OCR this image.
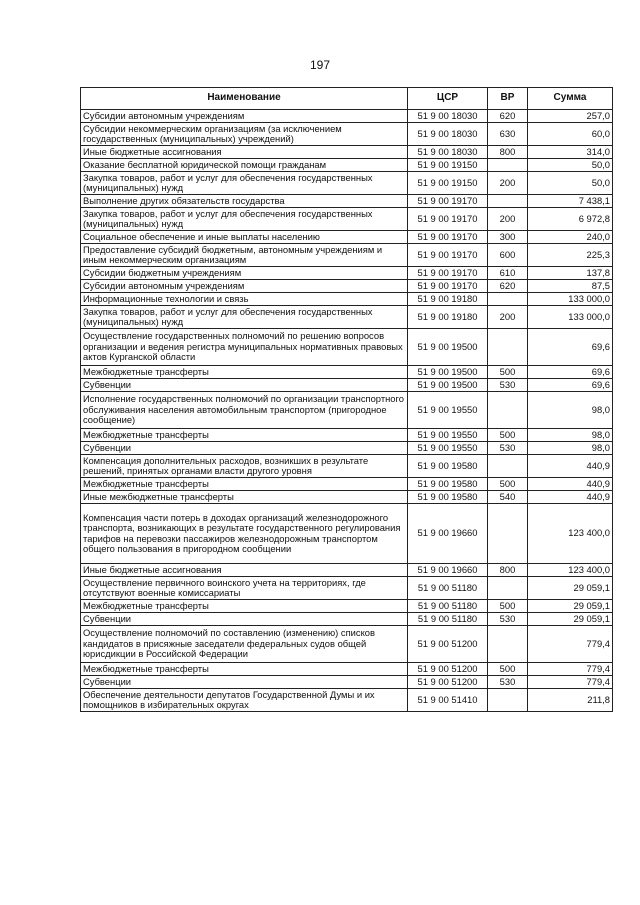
197
Наименование	ЦСР	ВР	Сумма
Субсидии автономным учреждениям	51 9 00 18030	620	257,0
Субсидии некоммерческим организациям (за исключением государственных (муниципальных) учреждений)	51 9 00 18030	630	60,0
Иные бюджетные ассигнования	51 9 00 18030	800	314,0
Оказание бесплатной юридической помощи гражданам	51 9 00 19150		50,0
Закупка товаров, работ и услуг для обеспечения государственных (муниципальных) нужд	51 9 00 19150	200	50,0
Выполнение других обязательств государства	51 9 00 19170		7 438,1
Закупка товаров, работ и услуг для обеспечения государственных (муниципальных) нужд	51 9 00 19170	200	6 972,8
Социальное обеспечение и иные выплаты населению	51 9 00 19170	300	240,0
Предоставление субсидий бюджетным, автономным учреждениям и иным некоммерческим организациям	51 9 00 19170	600	225,3
Субсидии бюджетным учреждениям	51 9 00 19170	610	137,8
Субсидии автономным учреждениям	51 9 00 19170	620	87,5
Информационные технологии и связь	51 9 00 19180		133 000,0
Закупка товаров, работ и услуг для обеспечения государственных (муниципальных) нужд	51 9 00 19180	200	133 000,0
Осуществление государственных полномочий по решению вопросов организации и ведения регистра муниципальных нормативных правовых актов Курганской области	51 9 00 19500		69,6
Межбюджетные трансферты	51 9 00 19500	500	69,6
Субвенции	51 9 00 19500	530	69,6
Исполнение государственных полномочий по организации транспортного обслуживания населения автомобильным транспортом (пригородное сообщение)	51 9 00 19550		98,0
Межбюджетные трансферты	51 9 00 19550	500	98,0
Субвенции	51 9 00 19550	530	98,0
Компенсация дополнительных расходов, возникших в результате решений, принятых органами власти другого уровня	51 9 00 19580		440,9
Межбюджетные трансферты	51 9 00 19580	500	440,9
Иные межбюджетные трансферты	51 9 00 19580	540	440,9
Компенсация части потерь в доходах организаций железнодорожного транспорта, возникающих в результате государственного регулирования тарифов на перевозки пассажиров железнодорожным транспортом общего пользования в пригородном сообщении	51 9 00 19660		123 400,0
Иные бюджетные ассигнования	51 9 00 19660	800	123 400,0
Осуществление первичного воинского учета на территориях, где отсутствуют военные комиссариаты	51 9 00 51180		29 059,1
Межбюджетные трансферты	51 9 00 51180	500	29 059,1
Субвенции	51 9 00 51180	530	29 059,1
Осуществление полномочий по составлению (изменению) списков кандидатов в присяжные заседатели федеральных судов общей юрисдикции в Российской Федерации	51 9 00 51200		779,4
Межбюджетные трансферты	51 9 00 51200	500	779,4
Субвенции	51 9 00 51200	530	779,4
Обеспечение деятельности депутатов Государственной Думы и их помощников в избирательных округах	51 9 00 51410		211,8
